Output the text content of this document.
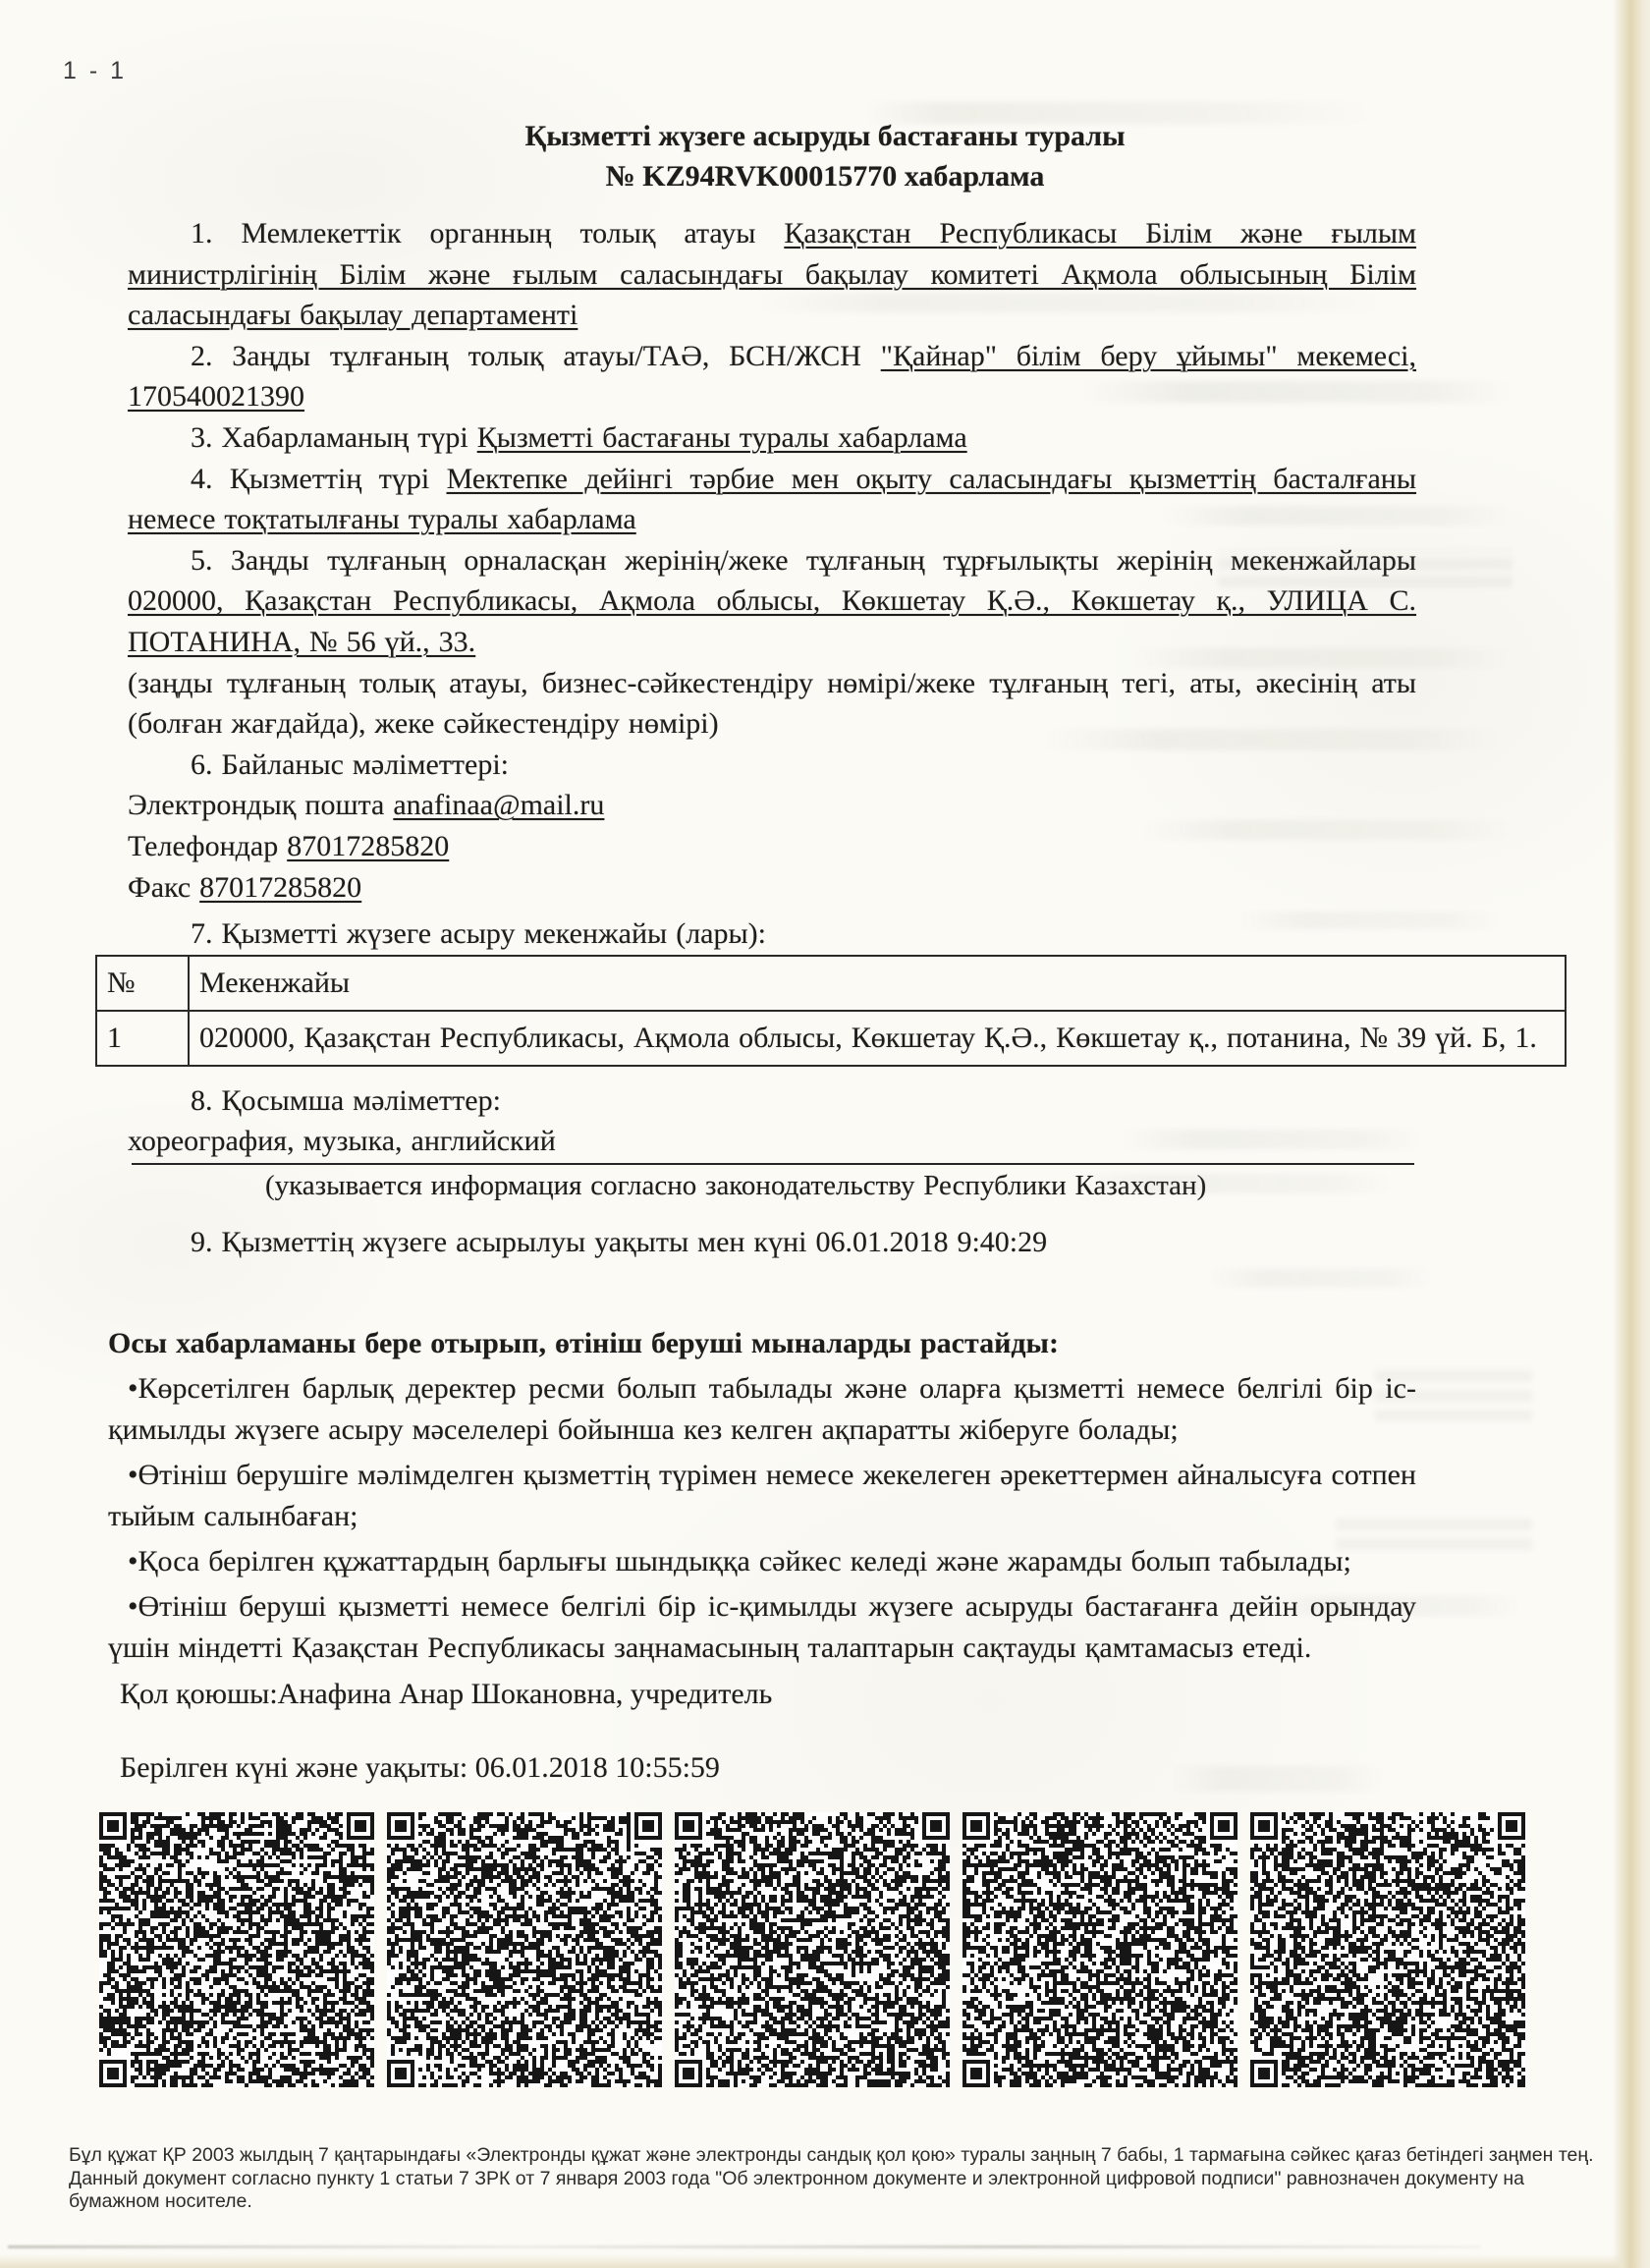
1 - 1
Қызметті жүзеге асыруды бастағаны туралы
№ KZ94RVK00015770 хабарлама

1. Мемлекеттік органның толық атауы Қазақстан Республикасы Білім және ғылым министрлігінің Білім және ғылым саласындағы бақылау комитеті Ақмола облысының Білім саласындағы бақылау департаменті

2. Заңды тұлғаның толық атауы/ТАӘ, БСН/ЖСН "Қайнар" білім беру ұйымы" мекемесі, 170540021390

3. Хабарламаның түрі Қызметті бастағаны туралы хабарлама

4. Қызметтің түрі Мектепке дейінгі тәрбие мен оқыту саласындағы қызметтің басталғаны немесе тоқтатылғаны туралы хабарлама

5. Заңды тұлғаның орналасқан жерінің/жеке тұлғаның тұрғылықты жерінің мекенжайлары 020000, Қазақстан Республикасы, Ақмола облысы, Көкшетау Қ.Ә., Көкшетау қ., УЛИЦА С. ПОТАНИНА, № 56 үй., 33.

(заңды тұлғаның толық атауы, бизнес-сәйкестендіру нөмірі/жеке тұлғаның тегі, аты, әкесінің аты (болған жағдайда), жеке сәйкестендіру нөмірі)

6. Байланыс мәліметтері:

Электрондық пошта anafinaa@mail.ru

Телефондар 87017285820

Факс 87017285820

7. Қызметті жүзеге асыру мекенжайы (лары):

№	Мекенжайы
1	020000, Қазақстан Республикасы, Ақмола облысы, Көкшетау Қ.Ә., Көкшетау қ., потанина, № 39 үй. Б, 1.

8. Қосымша мәліметтер:

хореография, музыка, английский

(указывается информация согласно законодательству Республики Казахстан)

9. Қызметтің жүзеге асырылуы уақыты мен күні 06.01.2018 9:40:29

Осы хабарламаны бере отырып, өтініш беруші мыналарды растайды:

• Көрсетілген барлық деректер ресми болып табылады және оларға қызметті немесе белгілі бір іс-қимылды жүзеге асыру мәселелері бойынша кез келген ақпаратты жіберуге болады;

• Өтініш берушіге мәлімделген қызметтің түрімен немесе жекелеген әрекеттермен айналысуға сотпен тыйым салынбаған;

• Қоса берілген құжаттардың барлығы шындыққа сәйкес келеді және жарамды болып табылады;

• Өтініш беруші қызметті немесе белгілі бір іс-қимылды жүзеге асыруды бастағанға дейін орындау үшін міндетті Қазақстан Республикасы заңнамасының талаптарын сақтауды қамтамасыз етеді.

Қол қоюшы:Анафина Анар Шокановна, учредитель

Берілген күні және уақыты: 06.01.2018 10:55:59

Бұл құжат ҚР 2003 жылдың 7 қаңтарындағы «Электронды құжат және электронды сандық қол қою» туралы заңның 7 бабы, 1 тармағына сәйкес қағаз бетіндегі заңмен тең.
Данный документ согласно пункту 1 статьи 7 ЗРК от 7 января 2003 года "Об электронном документе и электронной цифровой подписи" равнозначен документу на бумажном носителе.
